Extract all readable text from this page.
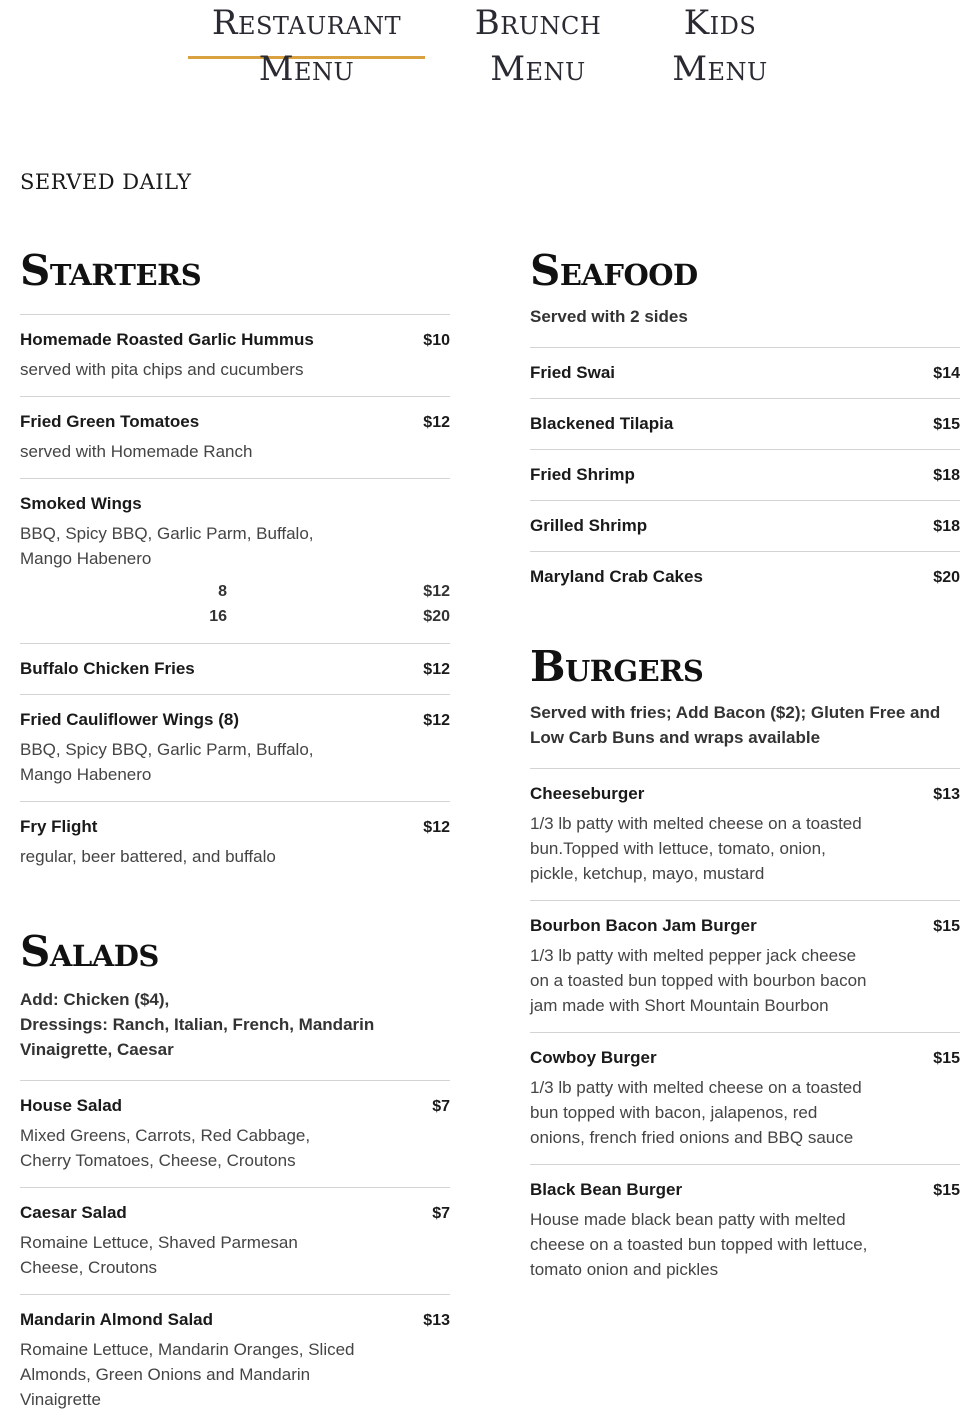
Restaurant Menu
Brunch Menu
Kids Menu
SERVED DAILY
Starters
Homemade Roasted Garlic Hummus	$10
served with pita chips and cucumbers
Fried Green Tomatoes	$12
served with Homemade Ranch
Smoked Wings
BBQ, Spicy BBQ, Garlic Parm, Buffalo, Mango Habenero
8	$12
16	$20
Buffalo Chicken Fries	$12
Fried Cauliflower Wings (8)	$12
BBQ, Spicy BBQ, Garlic Parm, Buffalo, Mango Habenero
Fry Flight	$12
regular, beer battered, and buffalo
Salads
Add: Chicken ($4),
Dressings: Ranch, Italian, French, Mandarin Vinaigrette, Caesar
House Salad	$7
Mixed Greens, Carrots, Red Cabbage, Cherry Tomatoes, Cheese, Croutons
Caesar Salad	$7
Romaine Lettuce, Shaved Parmesan Cheese, Croutons
Mandarin Almond Salad	$13
Romaine Lettuce, Mandarin Oranges, Sliced Almonds, Green Onions and Mandarin Vinaigrette
Seafood
Served with 2 sides
Fried Swai	$14
Blackened Tilapia	$15
Fried Shrimp	$18
Grilled Shrimp	$18
Maryland Crab Cakes	$20
Burgers
Served with fries; Add Bacon ($2); Gluten Free and Low Carb Buns and wraps available
Cheeseburger	$13
1/3 lb patty with melted cheese on a toasted bun.Topped with lettuce, tomato, onion, pickle, ketchup, mayo, mustard
Bourbon Bacon Jam Burger	$15
1/3 lb patty with melted pepper jack cheese on a toasted bun topped with bourbon bacon jam made with Short Mountain Bourbon
Cowboy Burger	$15
1/3 lb patty with melted cheese on a toasted bun topped with bacon, jalapenos, red onions, french fried onions and BBQ sauce
Black Bean Burger	$15
House made black bean patty with melted cheese on a toasted bun topped with lettuce, tomato onion and pickles
